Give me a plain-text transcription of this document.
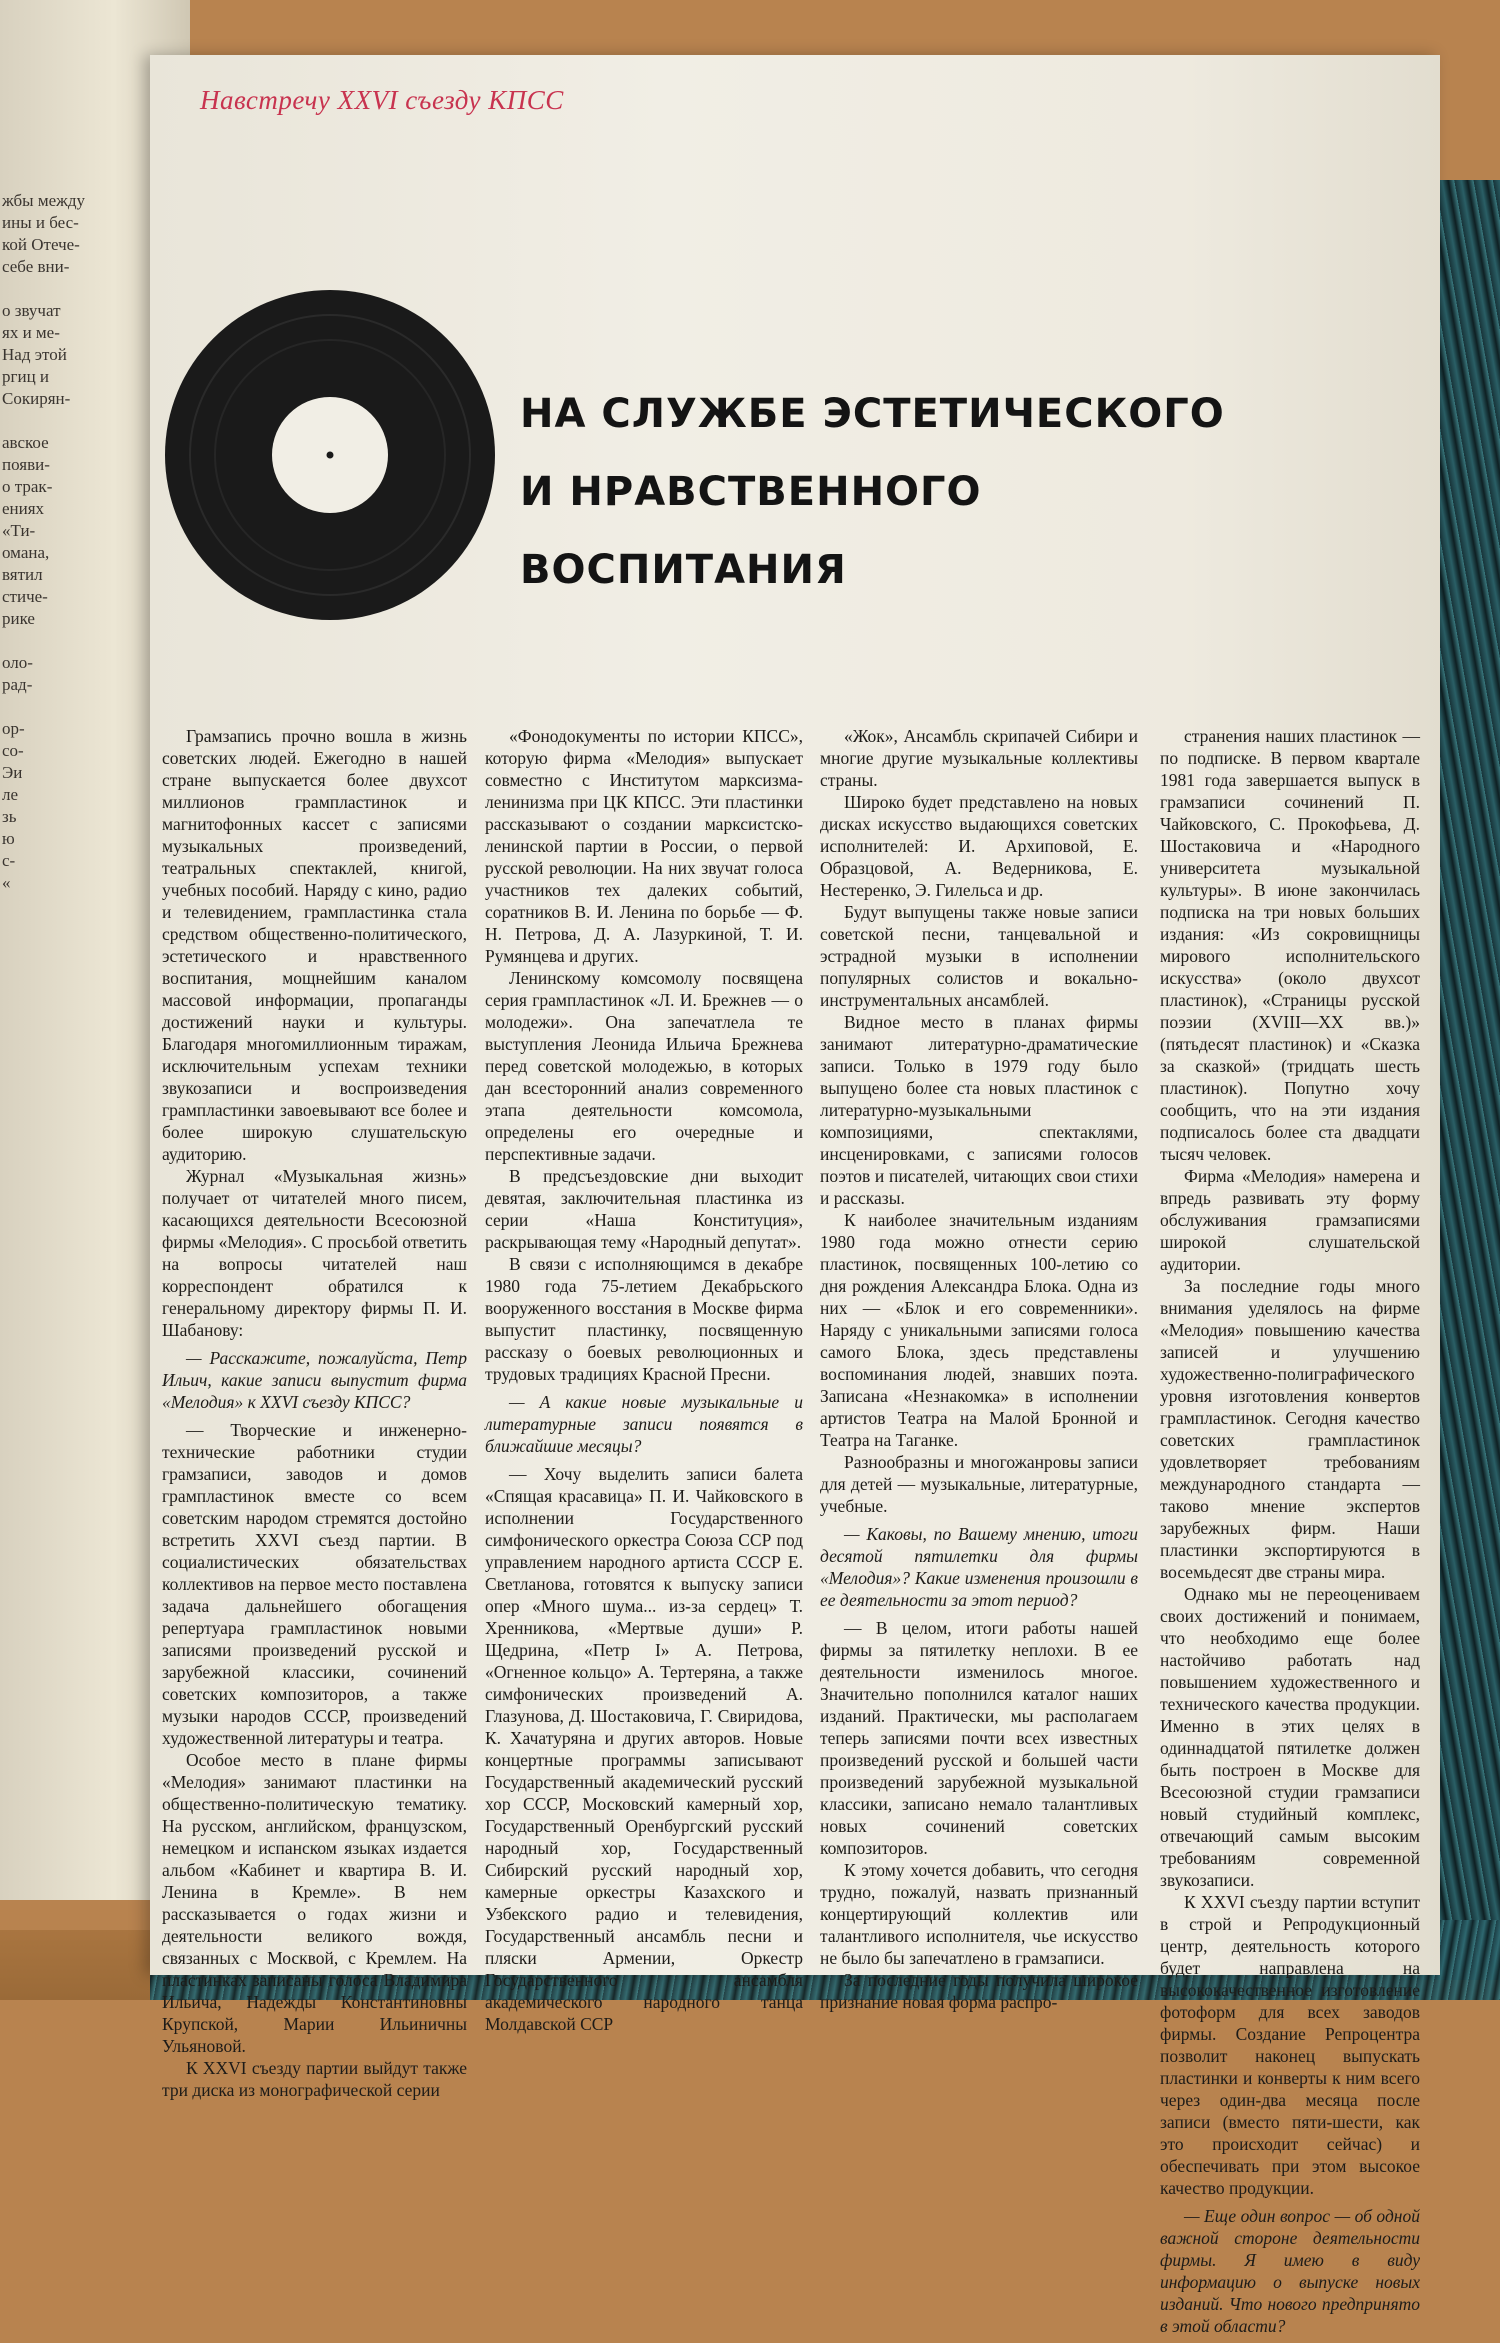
жбы между
ины и бес-
кой Отече-
себе вни-
о звучат
ях и ме-
Над этой
ргиц и
Сокирян-
авское
появи-
о трак-
ениях
«Ти-
омана,
вятил
стиче-
рике
оло-
рад-
ор-
со-
Эи
ле
зь
ю
с-
«
Навстречу XXVI съезду КПСС
НА СЛУЖБЕ ЭСТЕТИЧЕСКОГО
И НРАВСТВЕННОГО
ВОСПИТАНИЯ

Грамзапись прочно вошла в жизнь советских людей. Ежегодно в нашей стране выпускается более двухсот миллионов грампластинок и магнитофонных кассет с записями музыкальных произведений, театральных спектаклей, книгой, учебных пособий. Наряду с кино, радио и телевидением, грампластинка стала средством общественно-политического, эстетического и нравственного воспитания, мощнейшим каналом массовой информации, пропаганды достижений науки и культуры. Благодаря многомиллионным тиражам, исключительным успехам техники звукозаписи и воспроизведения грампластинки завоевывают все более и более широкую слушательскую аудиторию.

Журнал «Музыкальная жизнь» получает от читателей много писем, касающихся деятельности Всесоюзной фирмы «Мелодия». С просьбой ответить на вопросы читателей наш корреспондент обратился к генеральному директору фирмы П. И. Шабанову:

— Расскажите, пожалуйста, Петр Ильич, какие записи выпустит фирма «Мелодия» к XXVI съезду КПСС?

— Творческие и инженерно-технические работники студии грамзаписи, заводов и домов грампластинок вместе со всем советским народом стремятся достойно встретить XXVI съезд партии. В социалистических обязательствах коллективов на первое место поставлена задача дальнейшего обогащения репертуара грампластинок новыми записями произведений русской и зарубежной классики, сочинений советских композиторов, а также музыки народов СССР, произведений художественной литературы и театра.

Особое место в плане фирмы «Мелодия» занимают пластинки на общественно-политическую тематику. На русском, английском, французском, немецком и испанском языках издается альбом «Кабинет и квартира В. И. Ленина в Кремле». В нем рассказывается о годах жизни и деятельности великого вождя, связанных с Москвой, с Кремлем. На пластинках записаны голоса Владимира Ильича, Надежды Константиновны Крупской, Марии Ильиничны Ульяновой.

К XXVI съезду партии выйдут также три диска из монографической серии

«Фонодокументы по истории КПСС», которую фирма «Мелодия» выпускает совместно с Институтом марксизма-ленинизма при ЦК КПСС. Эти пластинки рассказывают о создании марксистско-ленинской партии в России, о первой русской революции. На них звучат голоса участников тех далеких событий, соратников В. И. Ленина по борьбе — Ф. Н. Петрова, Д. А. Лазуркиной, Т. И. Румянцева и других.

Ленинскому комсомолу посвящена серия грампластинок «Л. И. Брежнев — о молодежи». Она запечатлела те выступления Леонида Ильича Брежнева перед советской молодежью, в которых дан всесторонний анализ современного этапа деятельности комсомола, определены его очередные и перспективные задачи.

В предсъездовские дни выходит девятая, заключительная пластинка из серии «Наша Конституция», раскрывающая тему «Народный депутат».

В связи с исполняющимся в декабре 1980 года 75-летием Декабрьского вооруженного восстания в Москве фирма выпустит пластинку, посвященную рассказу о боевых революционных и трудовых традициях Красной Пресни.

— А какие новые музыкальные и литературные записи появятся в ближайшие месяцы?

— Хочу выделить записи балета «Спящая красавица» П. И. Чайковского в исполнении Государственного симфонического оркестра Союза ССР под управлением народного артиста СССР Е. Светланова, готовятся к выпуску записи опер «Много шума... из-за сердец» Т. Хренникова, «Мертвые души» Р. Щедрина, «Петр I» А. Петрова, «Огненное кольцо» А. Тертеряна, а также симфонических произведений А. Глазунова, Д. Шостаковича, Г. Свиридова, К. Хачатуряна и других авторов. Новые концертные программы записывают Государственный академический русский хор СССР, Московский камерный хор, Государственный Оренбургский русский народный хор, Государственный Сибирский русский народный хор, камерные оркестры Казахского и Узбекского радио и телевидения, Государственный ансамбль песни и пляски Армении, Оркестр Государственного ансамбля академического народного танца Молдавской ССР

«Жок», Ансамбль скрипачей Сибири и многие другие музыкальные коллективы страны.

Широко будет представлено на новых дисках искусство выдающихся советских исполнителей: И. Архиповой, Е. Образцовой, А. Ведерникова, Е. Нестеренко, Э. Гилельса и др.

Будут выпущены также новые записи советской песни, танцевальной и эстрадной музыки в исполнении популярных солистов и вокально-инструментальных ансамблей.

Видное место в планах фирмы занимают литературно-драматические записи. Только в 1979 году было выпущено более ста новых пластинок с литературно-музыкальными композициями, спектаклями, инсценировками, с записями голосов поэтов и писателей, читающих свои стихи и рассказы.

К наиболее значительным изданиям 1980 года можно отнести серию пластинок, посвященных 100-летию со дня рождения Александра Блока. Одна из них — «Блок и его современники». Наряду с уникальными записями голоса самого Блока, здесь представлены воспоминания людей, знавших поэта. Записана «Незнакомка» в исполнении артистов Театра на Малой Бронной и Театра на Таганке.

Разнообразны и многожанровы записи для детей — музыкальные, литературные, учебные.

— Каковы, по Вашему мнению, итоги десятой пятилетки для фирмы «Мелодия»? Какие изменения произошли в ее деятельности за этот период?

— В целом, итоги работы нашей фирмы за пятилетку неплохи. В ее деятельности изменилось многое. Значительно пополнился каталог наших изданий. Практически, мы располагаем теперь записями почти всех известных произведений русской и большей части произведений зарубежной музыкальной классики, записано немало талантливых новых сочинений советских композиторов.

К этому хочется добавить, что сегодня трудно, пожалуй, назвать признанный концертирующий коллектив или талантливого исполнителя, чье искусство не было бы запечатлено в грамзаписи.

За последние годы получила широкое признание новая форма распро-

странения наших пластинок — по подписке. В первом квартале 1981 года завершается выпуск в грамзаписи сочинений П. Чайковского, С. Прокофьева, Д. Шостаковича и «Народного университета музыкальной культуры». В июне закончилась подписка на три новых больших издания: «Из сокровищницы мирового исполнительского искусства» (около двухсот пластинок), «Страницы русской поэзии (XVIII—XX вв.)» (пятьдесят пластинок) и «Сказка за сказкой» (тридцать шесть пластинок). Попутно хочу сообщить, что на эти издания подписалось более ста двадцати тысяч человек.

Фирма «Мелодия» намерена и впредь развивать эту форму обслуживания грамзаписями широкой слушательской аудитории.

За последние годы много внимания уделялось на фирме «Мелодия» повышению качества записей и улучшению художественно-полиграфического уровня изготовления конвертов грампластинок. Сегодня качество советских грампластинок удовлетворяет требованиям международного стандарта — таково мнение экспертов зарубежных фирм. Наши пластинки экспортируются в восемьдесят две страны мира.

Однако мы не переоцениваем своих достижений и понимаем, что необходимо еще более настойчиво работать над повышением художественного и технического качества продукции. Именно в этих целях в одиннадцатой пятилетке должен быть построен в Москве для Всесоюзной студии грамзаписи новый студийный комплекс, отвечающий самым высоким требованиям современной звукозаписи.

К XXVI съезду партии вступит в строй и Репродукционный центр, деятельность которого будет направлена на высококачественное изготовление фотоформ для всех заводов фирмы. Создание Репроцентра позволит наконец выпускать пластинки и конверты к ним всего через один-два месяца после записи (вместо пяти-шести, как это происходит сейчас) и обеспечивать при этом высокое качество продукции.

— Еще один вопрос — об одной важной стороне деятельности фирмы. Я имею в виду информацию о выпуске новых изданий. Что нового предпринято в этой области?
